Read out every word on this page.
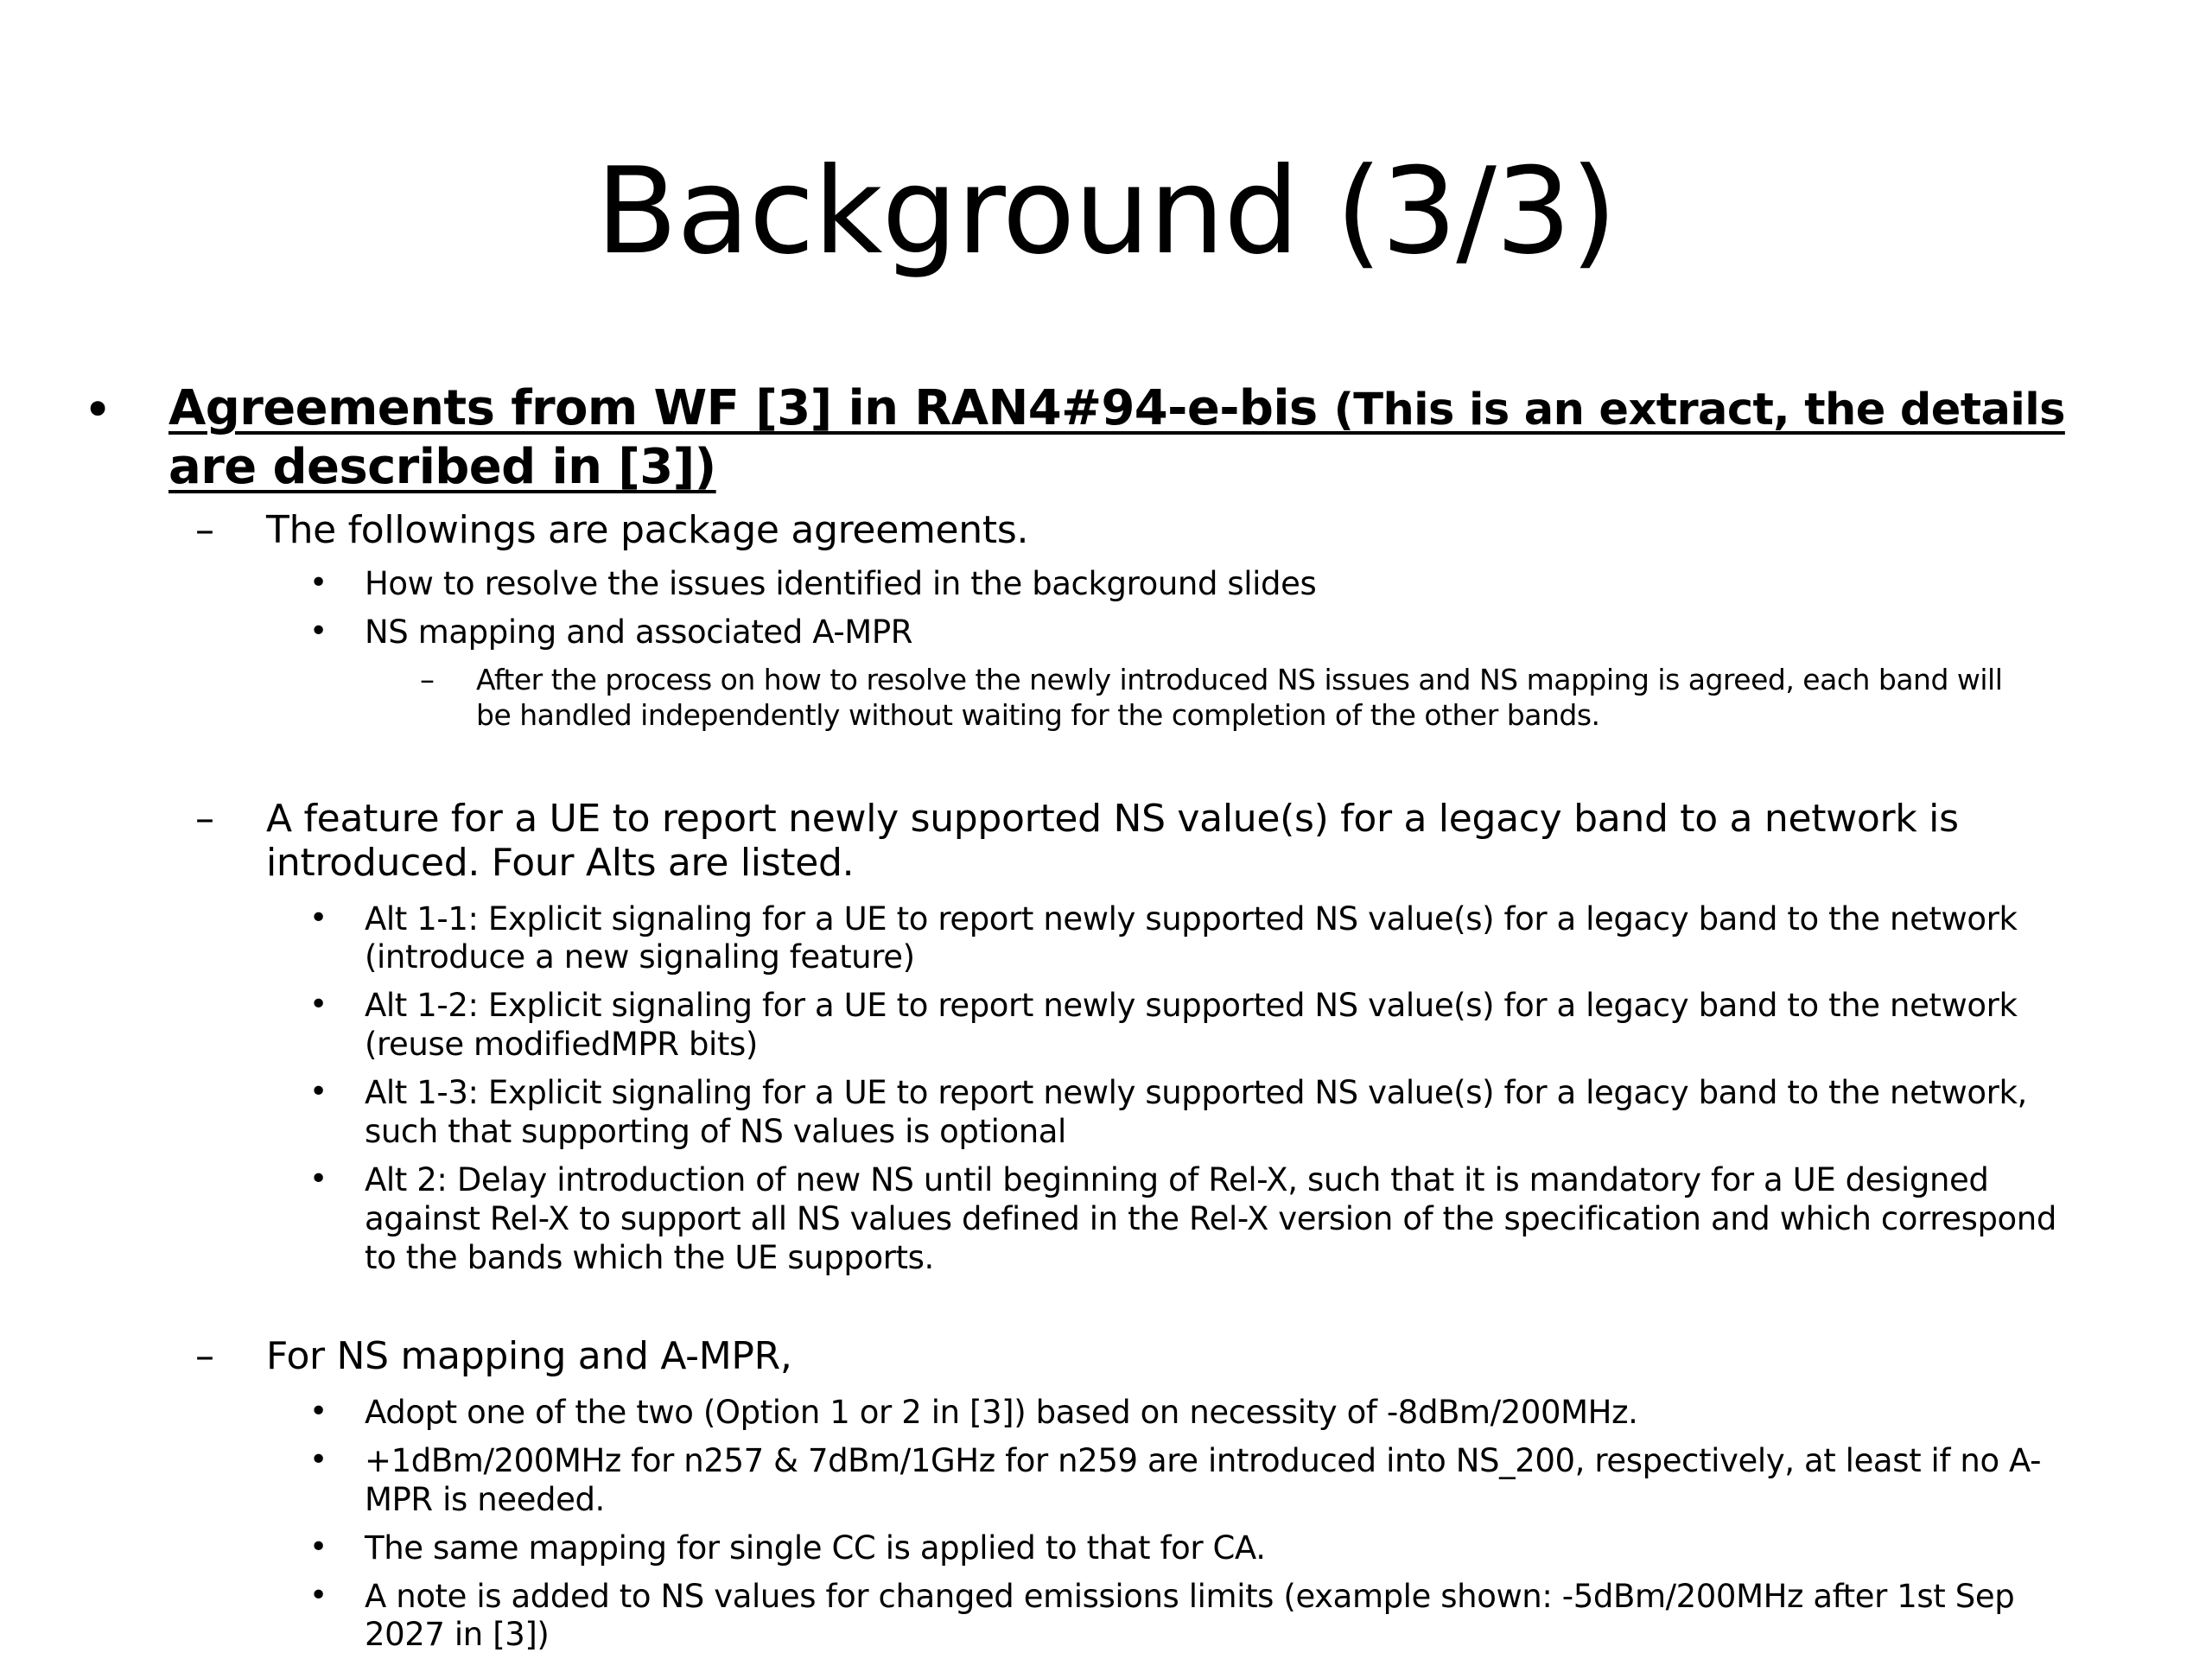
Background (3/3)
• Agreements from WF [3] in RAN4#94-e-bis (This is an extract, the details
are described in [3])
– The followings are package agreements.
• How to resolve the issues identified in the background slides
• NS mapping and associated A-MPR
– After the process on how to resolve the newly introduced NS issues and NS mapping is agreed, each band will
be handled independently without waiting for the completion of the other bands.
– A feature for a UE to report newly supported NS value(s) for a legacy band to a network is
introduced. Four Alts are listed.
• Alt 1-1: Explicit signaling for a UE to report newly supported NS value(s) for a legacy band to the network
(introduce a new signaling feature)
• Alt 1-2: Explicit signaling for a UE to report newly supported NS value(s) for a legacy band to the network
(reuse modifiedMPR bits)
• Alt 1-3: Explicit signaling for a UE to report newly supported NS value(s) for a legacy band to the network,
such that supporting of NS values is optional
• Alt 2: Delay introduction of new NS until beginning of Rel-X, such that it is mandatory for a UE designed
against Rel-X to support all NS values defined in the Rel-X version of the specification and which correspond
to the bands which the UE supports.
– For NS mapping and A-MPR,
• Adopt one of the two (Option 1 or 2 in [3]) based on necessity of -8dBm/200MHz.
• +1dBm/200MHz for n257 & 7dBm/1GHz for n259 are introduced into NS_200, respectively, at least if no A-
MPR is needed.
• The same mapping for single CC is applied to that for CA.
• A note is added to NS values for changed emissions limits (example shown: -5dBm/200MHz after 1st Sep
2027 in [3])
